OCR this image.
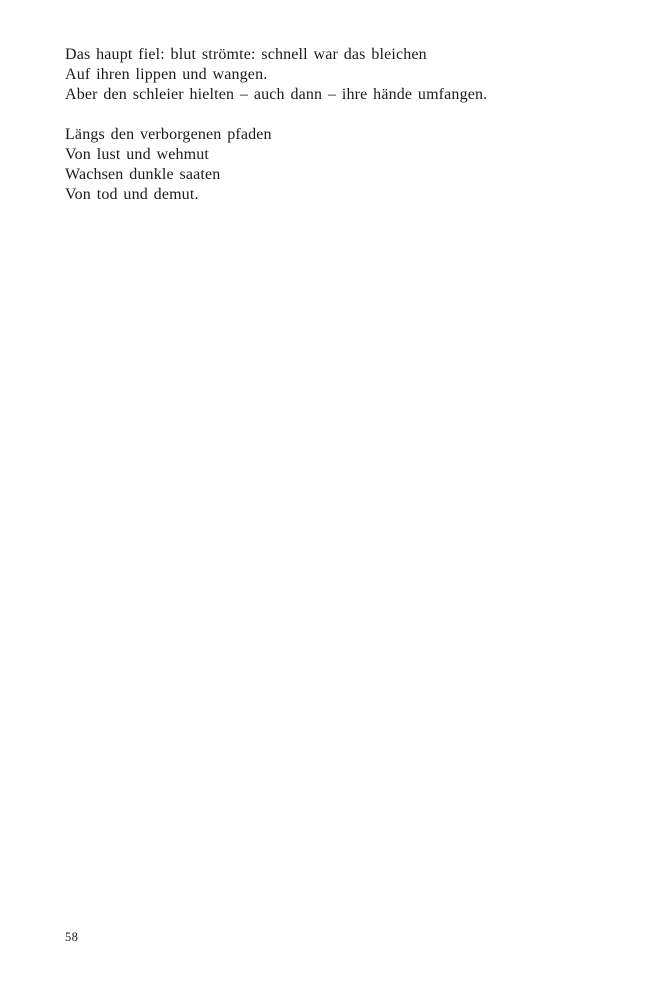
Das haupt fiel: blut strömte: schnell war das bleichen
Auf ihren lippen und wangen.
Aber den schleier hielten – auch dann – ihre hände umfangen.
Längs den verborgenen pfaden
Von lust und wehmut
Wachsen dunkle saaten
Von tod und demut.
58
